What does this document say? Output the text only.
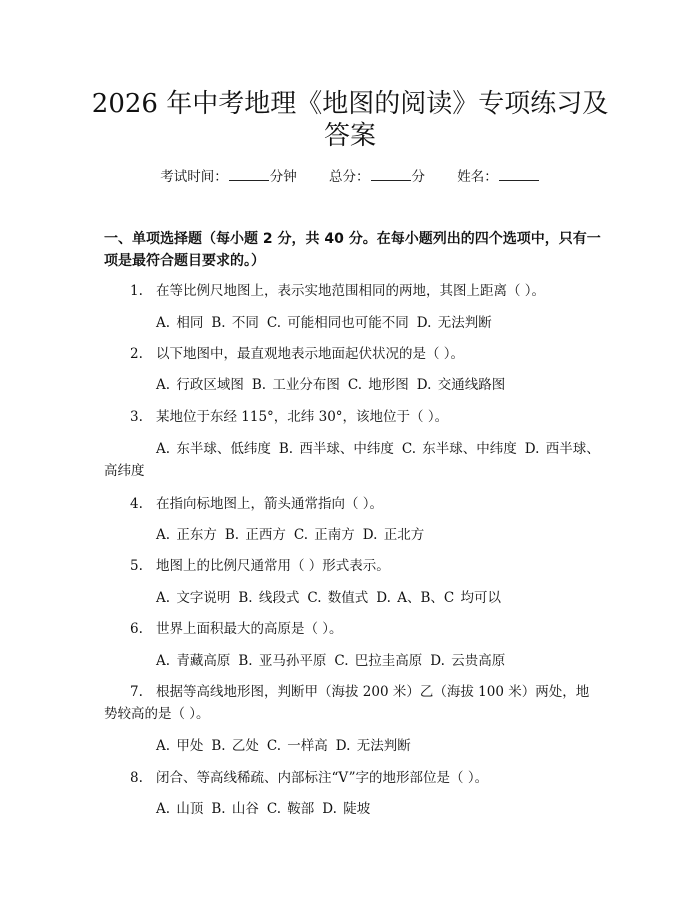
2026 年中考地理《地图的阅读》专项练习及
答案
考试时间：	分钟 总分：	分 姓名：

一、单项选择题（每小题 2 分，共 40 分。在每小题列出的四个选项中，只有一项是最符合题目要求的。）

1. 在等比例尺地图上，表示实地范围相同的两地，其图上距离（ ）。

A. 相同 B. 不同 C. 可能相同也可能不同 D. 无法判断

2. 以下地图中，最直观地表示地面起伏状况的是（ ）。

A. 行政区域图 B. 工业分布图 C. 地形图 D. 交通线路图

3. 某地位于东经 115°，北纬 30°，该地位于（ ）。

A. 东半球、低纬度 B. 西半球、中纬度 C. 东半球、中纬度 D. 西半球、高纬度

4. 在指向标地图上，箭头通常指向（ ）。

A. 正东方 B. 正西方 C. 正南方 D. 正北方

5. 地图上的比例尺通常用（ ）形式表示。

A. 文字说明 B. 线段式 C. 数值式 D. A、B、C 均可以

6. 世界上面积最大的高原是（ ）。

A. 青藏高原 B. 亚马孙平原 C. 巴拉圭高原 D. 云贵高原

7. 根据等高线地形图，判断甲（海拔 200 米）乙（海拔 100 米）两处，地势较高的是（ ）。

A. 甲处 B. 乙处 C. 一样高 D. 无法判断

8. 闭合、等高线稀疏、内部标注“V”字的地形部位是（ ）。

A. 山顶 B. 山谷 C. 鞍部 D. 陡坡
